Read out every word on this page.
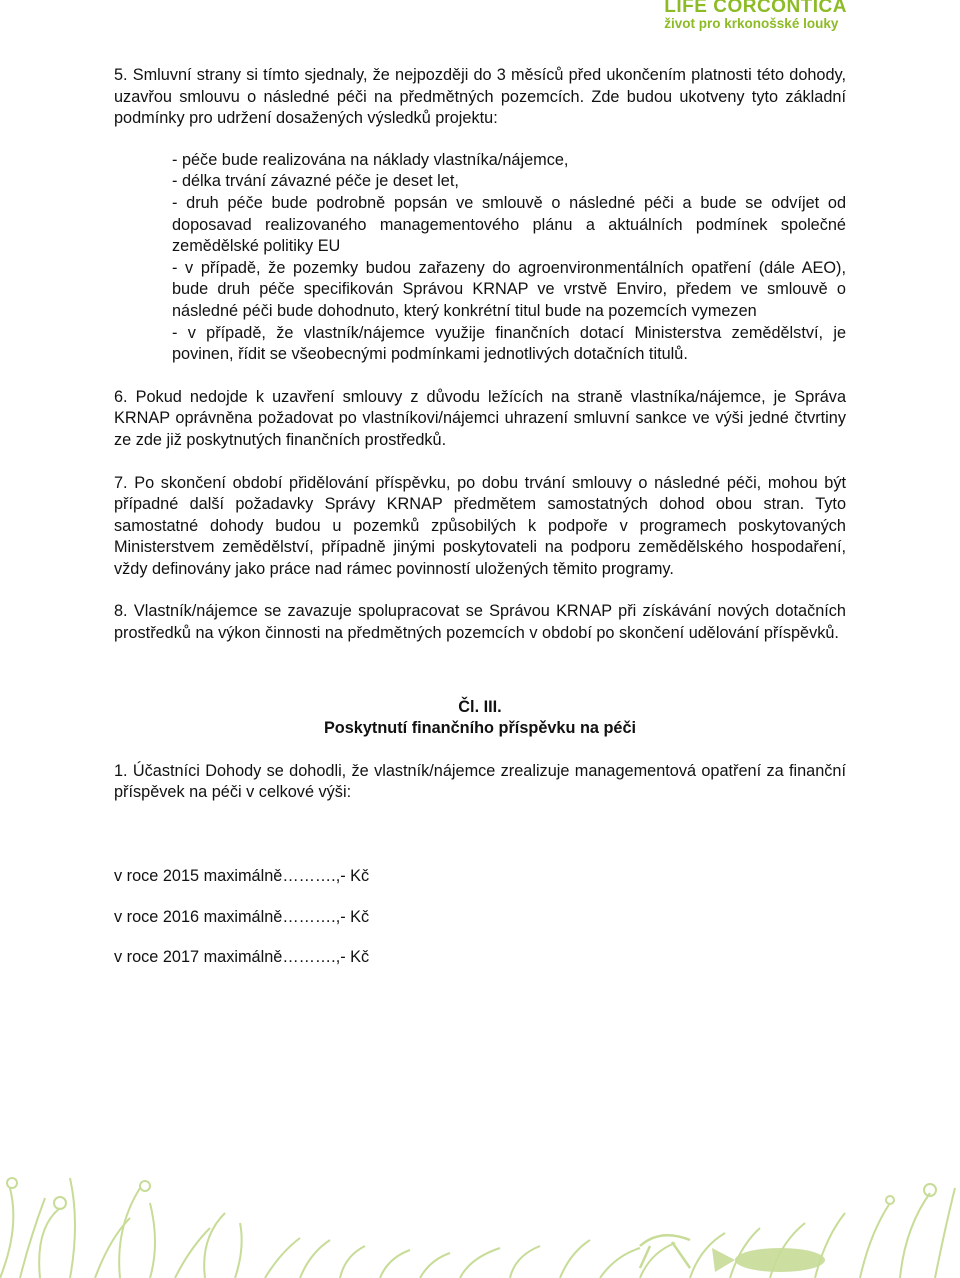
LIFE CORCONTICA
život pro krkonošské louky

5. Smluvní strany si tímto sjednaly, že nejpozději do 3 měsíců před ukončením platnosti této dohody, uzavřou smlouvu o následné péči na předmětných pozemcích. Zde budou ukotveny tyto základní podmínky pro udržení dosažených výsledků projektu:

- péče bude realizována na náklady vlastníka/nájemce,

- délka trvání závazné péče je deset let,

- druh péče bude podrobně popsán ve smlouvě o následné péči a bude se odvíjet od doposavad realizovaného managementového plánu a aktuálních podmínek společné zemědělské politiky EU

- v případě, že pozemky budou zařazeny do agroenvironmentálních opatření (dále AEO), bude druh péče specifikován Správou KRNAP ve vrstvě Enviro, předem ve smlouvě o následné péči bude dohodnuto, který konkrétní titul bude na pozemcích vymezen

- v případě, že vlastník/nájemce využije finančních dotací Ministerstva zemědělství, je povinen, řídit se všeobecnými podmínkami jednotlivých dotačních titulů.

6. Pokud nedojde k uzavření smlouvy z důvodu ležících na straně vlastníka/nájemce, je Správa KRNAP oprávněna požadovat po vlastníkovi/nájemci uhrazení smluvní sankce ve výši jedné čtvrtiny ze zde již poskytnutých finančních prostředků.

7. Po skončení období přidělování příspěvku, po dobu trvání smlouvy o následné péči, mohou být případné další požadavky Správy KRNAP předmětem samostatných dohod obou stran. Tyto samostatné dohody budou u pozemků způsobilých k podpoře v programech poskytovaných Ministerstvem zemědělství, případně jinými poskytovateli na podporu zemědělského hospodaření, vždy definovány jako práce nad rámec povinností uložených těmito programy.

8. Vlastník/nájemce se zavazuje spolupracovat se Správou KRNAP při získávání nových dotačních prostředků na výkon činnosti na předmětných pozemcích v období po skončení udělování příspěvků.

Čl. III.

Poskytnutí finančního příspěvku na péči

1. Účastníci Dohody se dohodli, že vlastník/nájemce zrealizuje managementová opatření za finanční příspěvek na péči v celkové výši:

v roce 2015 maximálně……….,- Kč

v roce 2016 maximálně……….,- Kč

v roce 2017 maximálně……….,- Kč
